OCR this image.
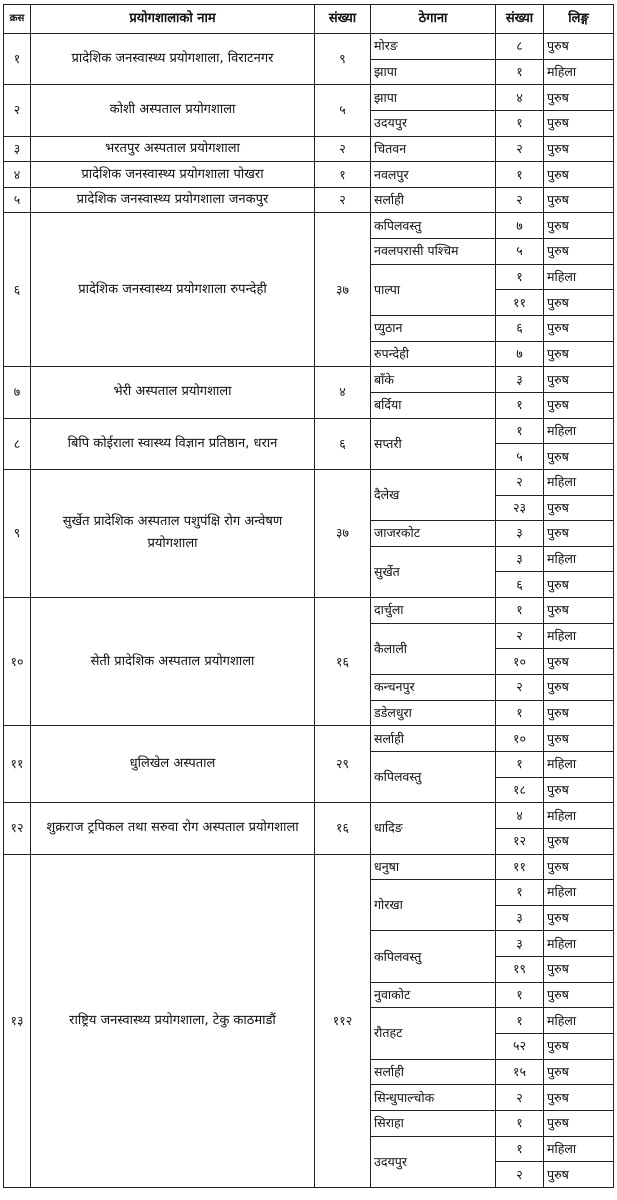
क्रस	प्रयोगशालाको नाम	संख्या	ठेगाना	संख्या	लिङ्ग
१	प्रादेशिक जनस्वास्थ्य प्रयोगशाला, विराटनगर	९	मोरङ	८	पुरुष
			झापा	१	महिला
२	कोशी अस्पताल प्रयोगशाला	५	झापा	४	पुरुष
			उदयपुर	१	पुरुष
३	भरतपुर अस्पताल प्रयोगशाला	२	चितवन	२	पुरुष
४	प्रादेशिक जनस्वास्थ्य प्रयोगशाला पोखरा	१	नवलपुर	१	पुरुष
५	प्रादेशिक जनस्वास्थ्य प्रयोगशाला जनकपुर	२	सर्लाही	२	पुरुष
६	प्रादेशिक जनस्वास्थ्य प्रयोगशाला रुपन्देही	३७	कपिलवस्तु	७	पुरुष
			नवलपरासी पश्चिम	५	पुरुष
			पाल्पा	१	महिला
				११	पुरुष
			प्युठान	६	पुरुष
			रुपन्देही	७	पुरुष
७	भेरी अस्पताल प्रयोगशाला	४	बाँके	३	पुरुष
			बर्दिया	१	पुरुष
८	बिपि कोईराला स्वास्थ्य विज्ञान प्रतिष्ठान, धरान	६	सप्तरी	१	महिला
				५	पुरुष
९	सुर्खेत प्रादेशिक अस्पताल पशुपंक्षि रोग अन्वेषण प्रयोगशाला	३७	दैलेख	२	महिला
				२३	पुरुष
			जाजरकोट	३	पुरुष
			सुर्खेत	३	महिला
				६	पुरुष
१०	सेती प्रादेशिक अस्पताल प्रयोगशाला	१६	दार्चुला	१	पुरुष
			कैलाली	२	महिला
				१०	पुरुष
			कन्चनपुर	२	पुरुष
			डडेलधुरा	१	पुरुष
११	धुलिखेल अस्पताल	२९	सर्लाही	१०	पुरुष
			कपिलवस्तु	१	महिला
				१८	पुरुष
१२	शुक्रराज ट्रपिकल तथा सरुवा रोग अस्पताल प्रयोगशाला	१६	धादिङ	४	महिला
				१२	पुरुष
१३	राष्ट्रिय जनस्वास्थ्य प्रयोगशाला, टेकु काठमाडौं	११२	धनुषा	११	पुरुष
			गोरखा	१	महिला
				३	पुरुष
			कपिलवस्तु	३	महिला
				१९	पुरुष
			नुवाकोट	१	पुरुष
			रौतहट	१	महिला
				५२	पुरुष
			सर्लाही	१५	पुरुष
			सिन्धुपाल्चोक	२	पुरुष
			सिराहा	१	पुरुष
			उदयपुर	१	महिला
				२	पुरुष
